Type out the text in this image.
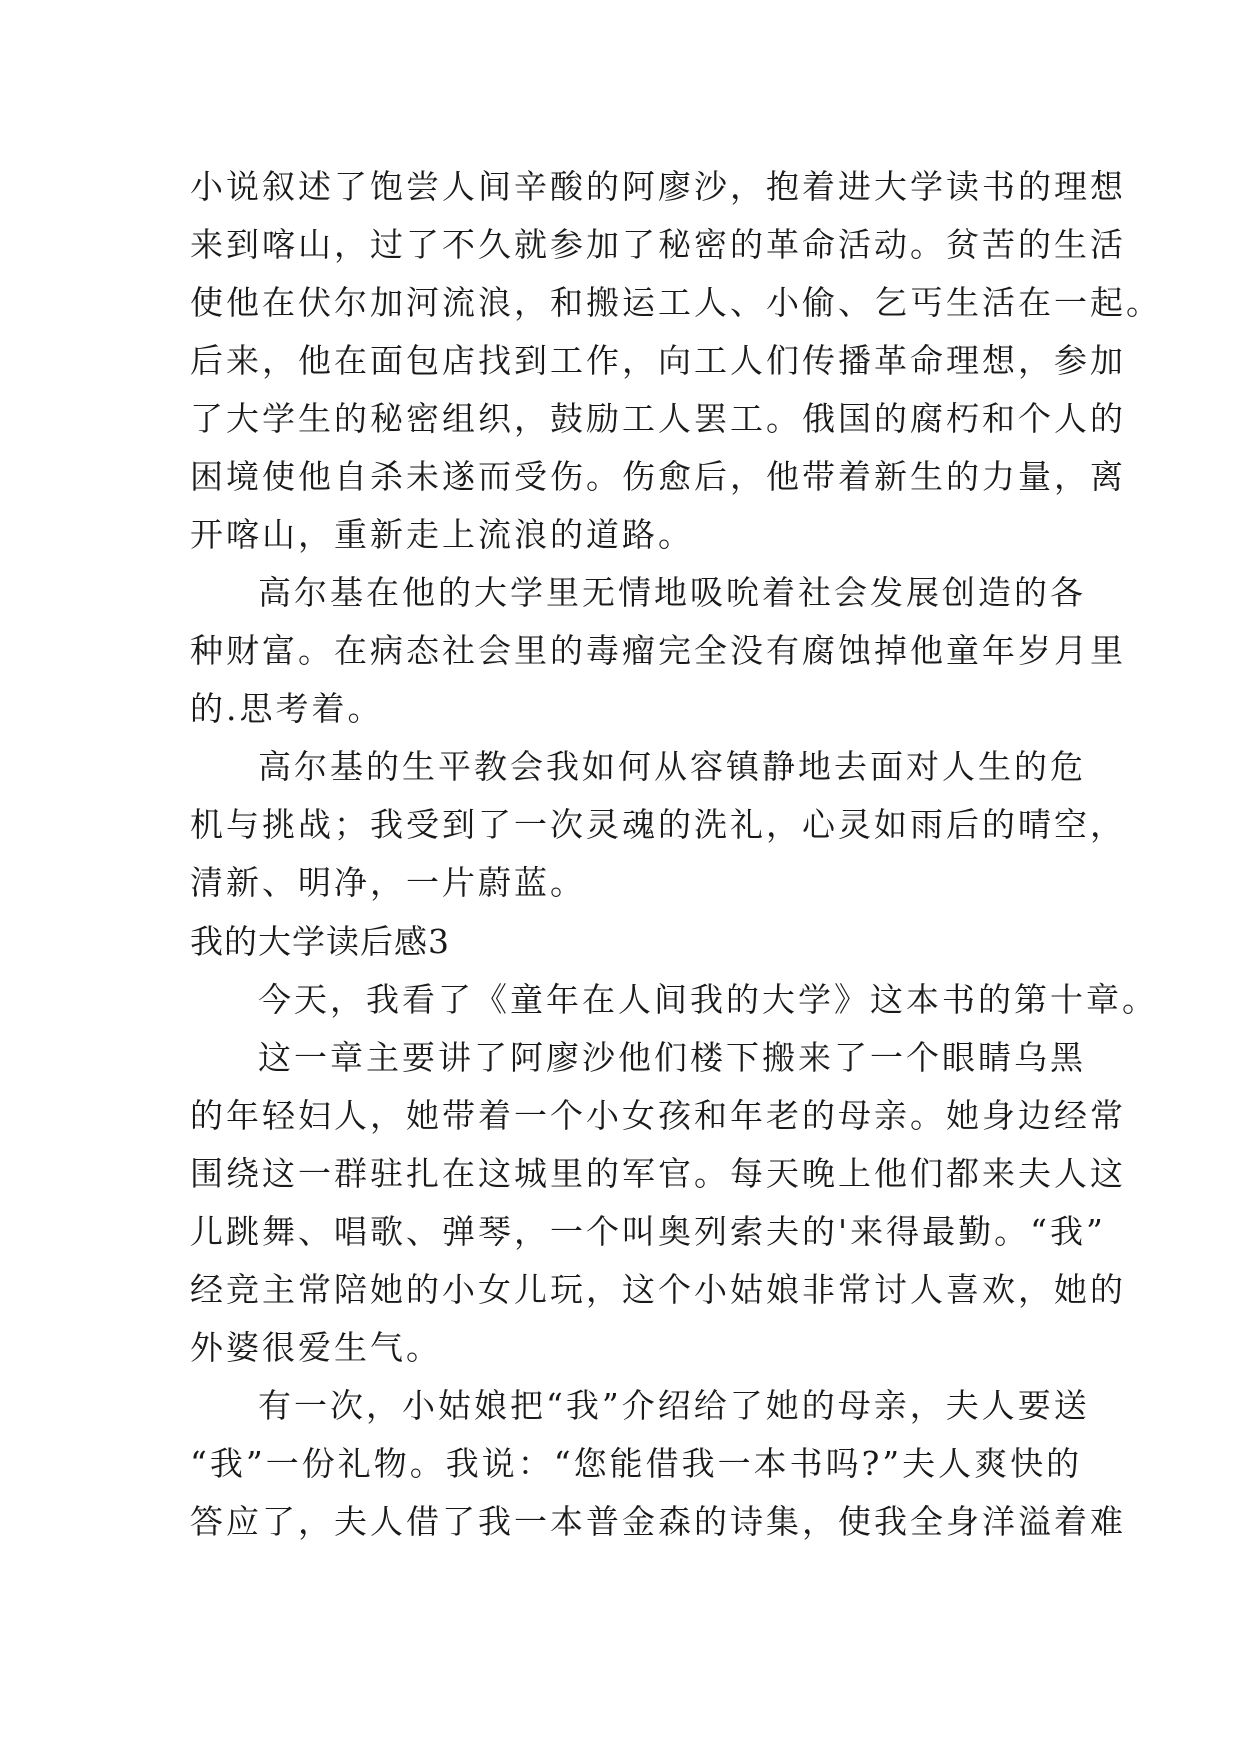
小说叙述了饱尝人间辛酸的阿廖沙，抱着进大学读书的理想
来到喀山，过了不久就参加了秘密的革命活动。贫苦的生活
使他在伏尔加河流浪，和搬运工人、小偷、乞丐生活在一起。
后来，他在面包店找到工作，向工人们传播革命理想，参加
了大学生的秘密组织，鼓励工人罢工。俄国的腐朽和个人的
困境使他自杀未遂而受伤。伤愈后，他带着新生的力量，离
开喀山，重新走上流浪的道路。
高尔基在他的大学里无情地吸吮着社会发展创造的各
种财富。在病态社会里的毒瘤完全没有腐蚀掉他童年岁月里
的.思考着。
高尔基的生平教会我如何从容镇静地去面对人生的危
机与挑战；我受到了一次灵魂的洗礼，心灵如雨后的晴空，
清新、明净，一片蔚蓝。
我的大学读后感3
今天，我看了《童年在人间我的大学》这本书的第十章。
这一章主要讲了阿廖沙他们楼下搬来了一个眼睛乌黑
的年轻妇人，她带着一个小女孩和年老的母亲。她身边经常
围绕这一群驻扎在这城里的军官。每天晚上他们都来夫人这
儿跳舞、唱歌、弹琴，一个叫奥列索夫的'来得最勤。“我”
经竞主常陪她的小女儿玩，这个小姑娘非常讨人喜欢，她的
外婆很爱生气。
有一次，小姑娘把“我”介绍给了她的母亲，夫人要送
“我”一份礼物。我说：“您能借我一本书吗?”夫人爽快的
答应了，夫人借了我一本普金森的诗集，使我全身洋溢着难
